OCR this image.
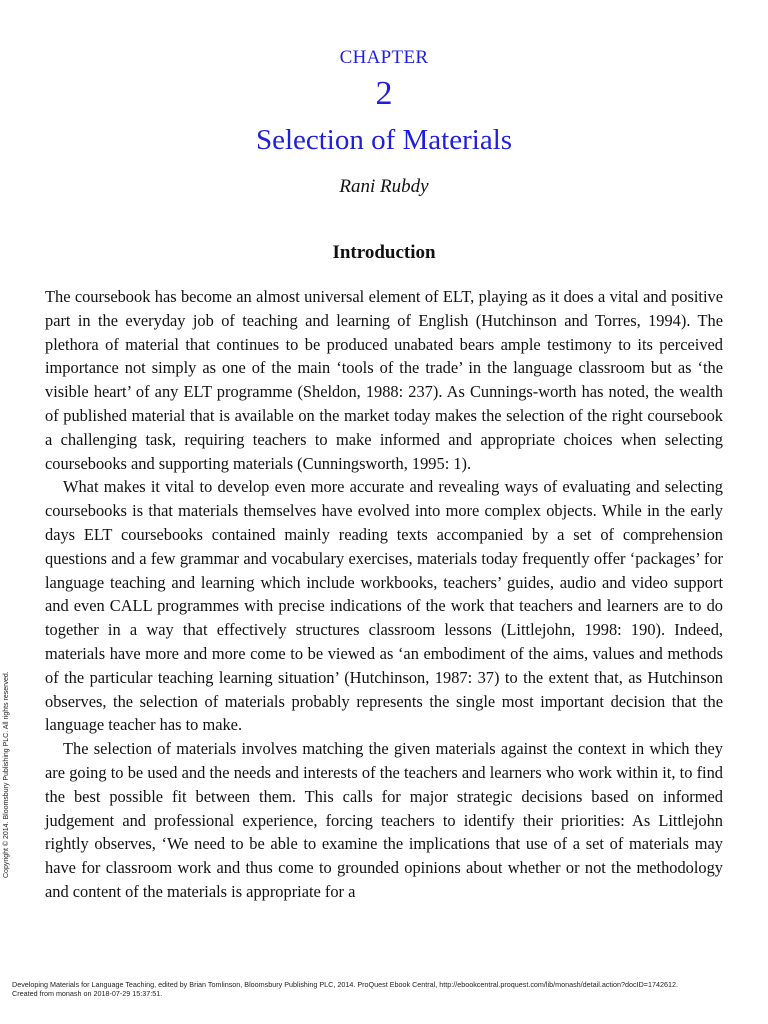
CHAPTER
2
Selection of Materials
Rani Rubdy
Introduction

The coursebook has become an almost universal element of ELT, playing as it does a vital and positive part in the everyday job of teaching and learning of English (Hutchinson and Torres, 1994). The plethora of material that continues to be produced unabated bears ample testimony to its perceived importance not simply as one of the main ‘tools of the trade’ in the language classroom but as ‘the visible heart’ of any ELT programme (Sheldon, 1988: 237). As Cunnings-worth has noted, the wealth of published material that is available on the market today makes the selection of the right coursebook a challenging task, requiring teachers to make informed and appropriate choices when selecting coursebooks and supporting materials (Cunningsworth, 1995: 1).

What makes it vital to develop even more accurate and revealing ways of evaluating and selecting coursebooks is that materials themselves have evolved into more complex objects. While in the early days ELT coursebooks contained mainly reading texts accompanied by a set of comprehension questions and a few grammar and vocabulary exercises, materials today frequently offer ‘packages’ for language teaching and learning which include workbooks, teachers’ guides, audio and video support and even CALL programmes with precise indications of the work that teachers and learners are to do together in a way that effectively structures classroom lessons (Littlejohn, 1998: 190). Indeed, materials have more and more come to be viewed as ‘an embodiment of the aims, values and methods of the particular teaching learning situation’ (Hutchinson, 1987: 37) to the extent that, as Hutchinson observes, the selection of materials probably represents the single most important decision that the language teacher has to make.

The selection of materials involves matching the given materials against the context in which they are going to be used and the needs and interests of the teachers and learners who work within it, to find the best possible fit between them. This calls for major strategic decisions based on informed judgement and professional experience, forcing teachers to identify their priorities: As Littlejohn rightly observes, ‘We need to be able to examine the implications that use of a set of materials may have for classroom work and thus come to grounded opinions about whether or not the methodology and content of the materials is appropriate for a

Copyright © 2014. Bloomsbury Publishing PLC. All rights reserved.
Developing Materials for Language Teaching, edited by Brian Tomlinson, Bloomsbury Publishing PLC, 2014. ProQuest Ebook Central, http://ebookcentral.proquest.com/lib/monash/detail.action?docID=1742612.
Created from monash on 2018-07-29 15:37:51.
